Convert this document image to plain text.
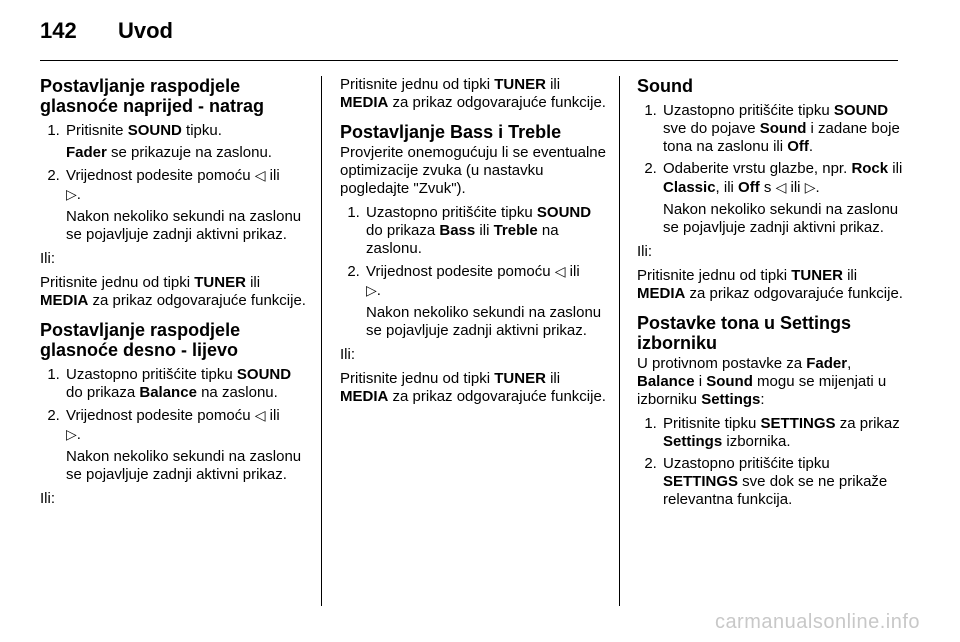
142	Uvod
Postavljanje raspodjele glasnoće naprijed - natrag
1. Pritisnite SOUND tipku.
Fader se prikazuje na zaslonu.
2. Vrijednost podesite pomoću ◁ ili
▷.
Nakon nekoliko sekundi na zaslonu se pojavljuje zadnji aktivni prikaz.

Ili:

Pritisnite jednu od tipki TUNER ili MEDIA za prikaz odgovarajuće funkcije.

Postavljanje raspodjele glasnoće desno - lijevo
1. Uzastopno pritišćite tipku SOUND do prikaza Balance na zaslonu.
2. Vrijednost podesite pomoću ◁ ili
▷.
Nakon nekoliko sekundi na zaslonu se pojavljuje zadnji aktivni prikaz.

Ili:

Pritisnite jednu od tipki TUNER ili MEDIA za prikaz odgovarajuće funkcije.

Postavljanje Bass i Treble

Provjerite onemogućuju li se eventualne optimizacije zvuka (u nastavku pogledajte "Zvuk").

1. Uzastopno pritišćite tipku SOUND do prikaza Bass ili Treble na zaslonu.
2. Vrijednost podesite pomoću ◁ ili
▷.
Nakon nekoliko sekundi na zaslonu se pojavljuje zadnji aktivni prikaz.

Ili:

Pritisnite jednu od tipki TUNER ili MEDIA za prikaz odgovarajuće funkcije.

Sound
1. Uzastopno pritišćite tipku SOUND sve do pojave Sound i zadane boje tona na zaslonu ili Off.
2. Odaberite vrstu glazbe, npr. Rock ili Classic, ili Off s ◁ ili ▷.
Nakon nekoliko sekundi na zaslonu se pojavljuje zadnji aktivni prikaz.

Ili:

Pritisnite jednu od tipki TUNER ili MEDIA za prikaz odgovarajuće funkcije.

Postavke tona u Settings izborniku

U protivnom postavke za Fader, Balance i Sound mogu se mijenjati u izborniku Settings:

1. Pritisnite tipku SETTINGS za prikaz Settings izbornika.
2. Uzastopno pritišćite tipku SETTINGS sve dok se ne prikaže relevantna funkcija.
carmanualsonline.info
